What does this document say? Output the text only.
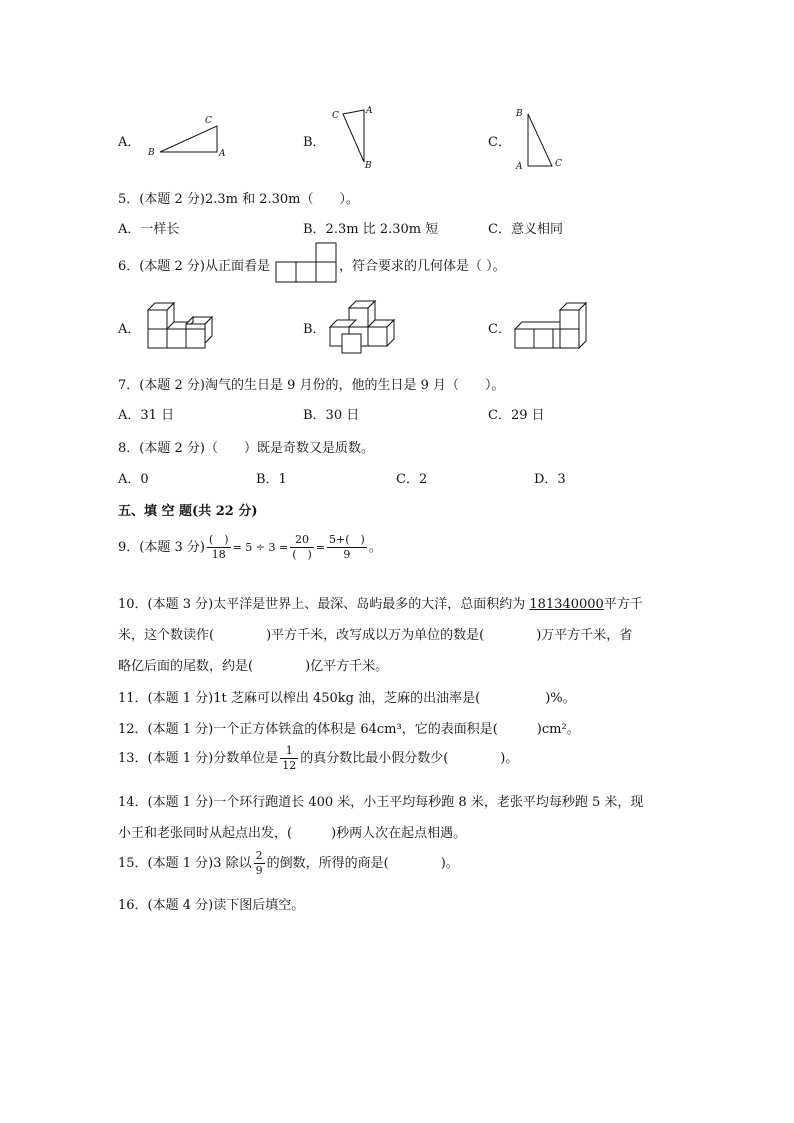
A．
B
C
A
B．
C	A
B
C．
B
A	C
5．(本题 2 分)2.3m 和 2.30m（　　）。
A．一样长	B．2.3m 比 2.30m 短	C．意义相同
6．(本题 2 分)从正面看是	，符合要求的几何体是（ ）。
A．	B．	C．
7．(本题 2 分)淘气的生日是 9 月份的，他的生日是 9 月（　　）。
A．31 日	B．30 日	C．29 日
8．(本题 2 分)（　　）既是奇数又是质数。
A．0	B．1	C．2	D．3
五、填 空 题(共 22 分)
9．(本题 3 分) $\frac{( )}{18} = 5 \div 3 = \frac{20}{( )} = \frac{5+( )}{9}$ 。
10．(本题 3 分)太平洋是世界上、最深、岛屿最多的大洋，总面积约为 181340000平方千
米，这个数读作(　　　　)平方千米，改写成以万为单位的数是(　　　　)万平方千米，省
略亿后面的尾数，约是(　　　　)亿平方千米。
11．(本题 1 分)1t 芝麻可以榨出 450kg 油，芝麻的出油率是(　　　　　)%。
12．(本题 1 分)一个正方体铁盒的体积是 64cm³，它的表面积是(　　　)cm²。
13．(本题 1 分)分数单位是 $\frac{1}{12}$ 的真分数比最小假分数少(　　　　)。
14．(本题 1 分)一个环行跑道长 400 米，小王平均每秒跑 8 米，老张平均每秒跑 5 米，现
小王和老张同时从起点出发，(　　　)秒两人次在起点相遇。
15．(本题 1 分)3 除以 $\frac{2}{9}$ 的倒数，所得的商是(　　　　)。
16．(本题 4 分)读下图后填空。
